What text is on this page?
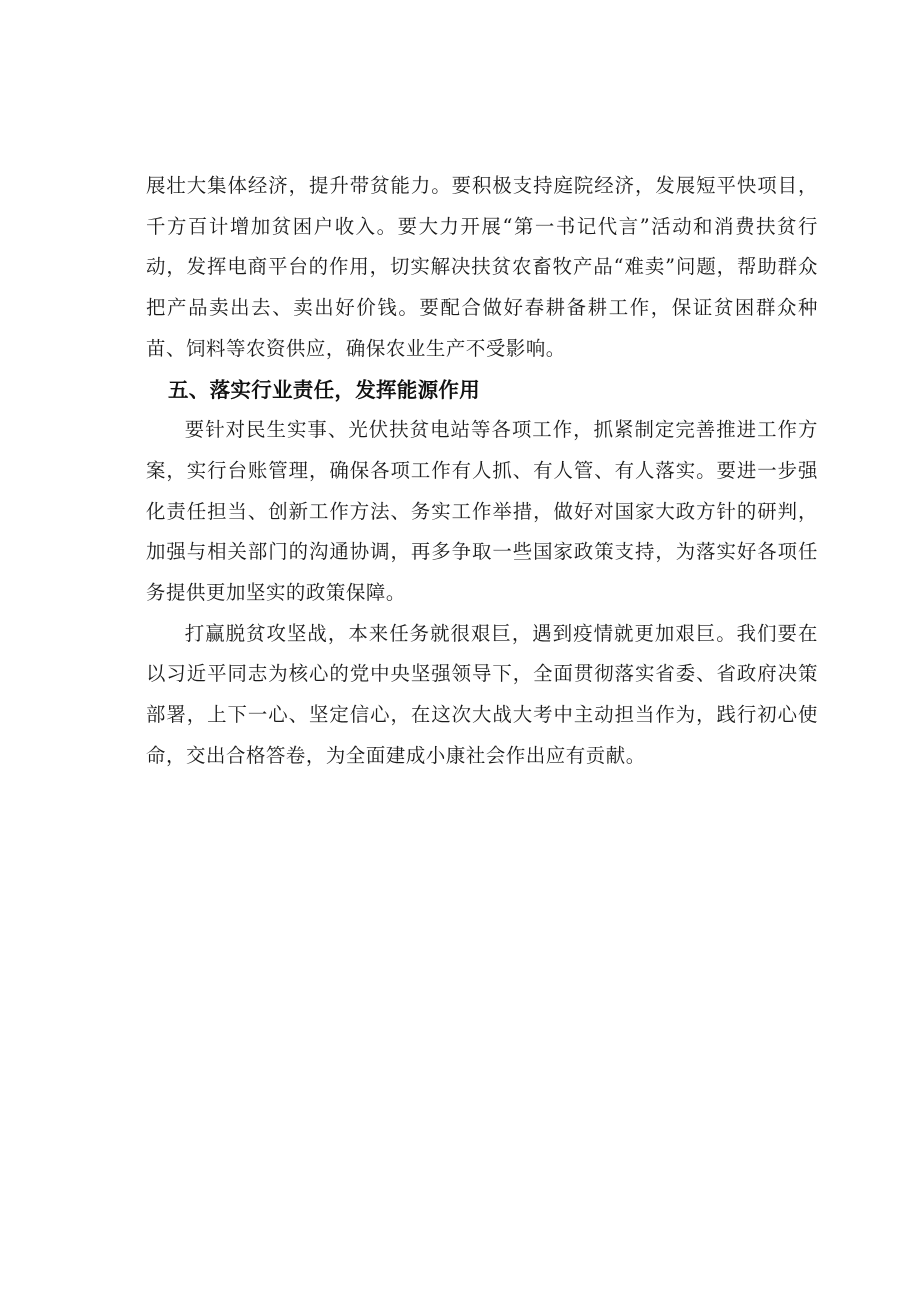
展壮大集体经济，提升带贫能力。要积极支持庭院经济，发展短平快项目，千方百计增加贫困户收入。要大力开展“第一书记代言”活动和消费扶贫行动，发挥电商平台的作用，切实解决扶贫农畜牧产品“难卖”问题，帮助群众把产品卖出去、卖出好价钱。要配合做好春耕备耕工作，保证贫困群众种苗、饲料等农资供应，确保农业生产不受影响。

五、落实行业责任，发挥能源作用

要针对民生实事、光伏扶贫电站等各项工作，抓紧制定完善推进工作方案，实行台账管理，确保各项工作有人抓、有人管、有人落实。要进一步强化责任担当、创新工作方法、务实工作举措，做好对国家大政方针的研判，加强与相关部门的沟通协调，再多争取一些国家政策支持，为落实好各项任务提供更加坚实的政策保障。

打赢脱贫攻坚战，本来任务就很艰巨，遇到疫情就更加艰巨。我们要在以习近平同志为核心的党中央坚强领导下，全面贯彻落实省委、省政府决策部署，上下一心、坚定信心，在这次大战大考中主动担当作为，践行初心使命，交出合格答卷，为全面建成小康社会作出应有贡献。
